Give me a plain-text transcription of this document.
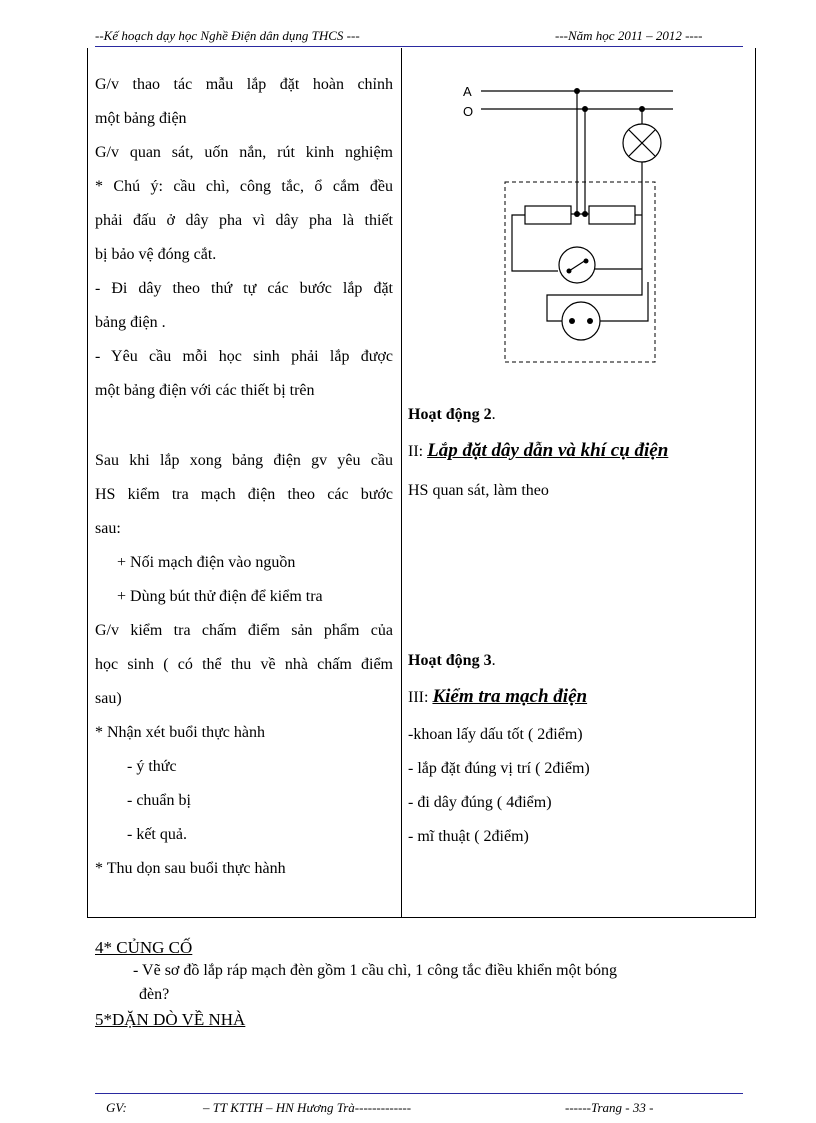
--Kế hoạch dạy học Nghề Điện dân dụng THCS ---	---Năm học 2011 – 2012 ----
G/v thao tác mẫu lắp đặt hoàn chỉnh
một bảng điện
G/v quan sát, uốn nắn, rút kinh nghiệm
* Chú ý: cầu chì, công tắc, ổ cắm đều
phải đấu ở dây pha vì dây pha là thiết
bị bảo vệ đóng cắt.
- Đi dây theo thứ tự các bước lắp đặt
bảng điện .
- Yêu cầu mỗi học sinh phải lắp được
một bảng điện với các thiết bị trên
Sau khi lắp xong bảng điện gv yêu cầu
HS kiểm tra mạch điện theo các bước
sau:
+ Nối mạch điện vào nguồn
+ Dùng bút thử điện để kiểm tra
G/v kiểm tra chấm điểm sản phẩm của
học sinh ( có thể thu về nhà chấm điểm
sau)
* Nhận xét buổi thực hành
- ý thức
- chuẩn bị
- kết quả.
* Thu dọn sau buổi thực hành
A
O
Hoạt động 2.
II: Lắp đặt dây dẫn và khí cụ điện
HS quan sát, làm theo
Hoạt động 3.
III: Kiểm tra mạch điện
-khoan lấy dấu tốt ( 2điểm)
- lắp đặt đúng vị trí ( 2điểm)
- đi dây đúng ( 4điểm)
- mĩ thuật ( 2điểm)
4* CỦNG CỐ
- Vẽ sơ đồ lắp ráp mạch đèn gồm 1 cầu chì, 1 công tắc điều khiển một bóng
đèn?
5*DẶN DÒ VỀ NHÀ
GV:	– TT KTTH – HN Hương Trà-------------	------Trang - 33 -
